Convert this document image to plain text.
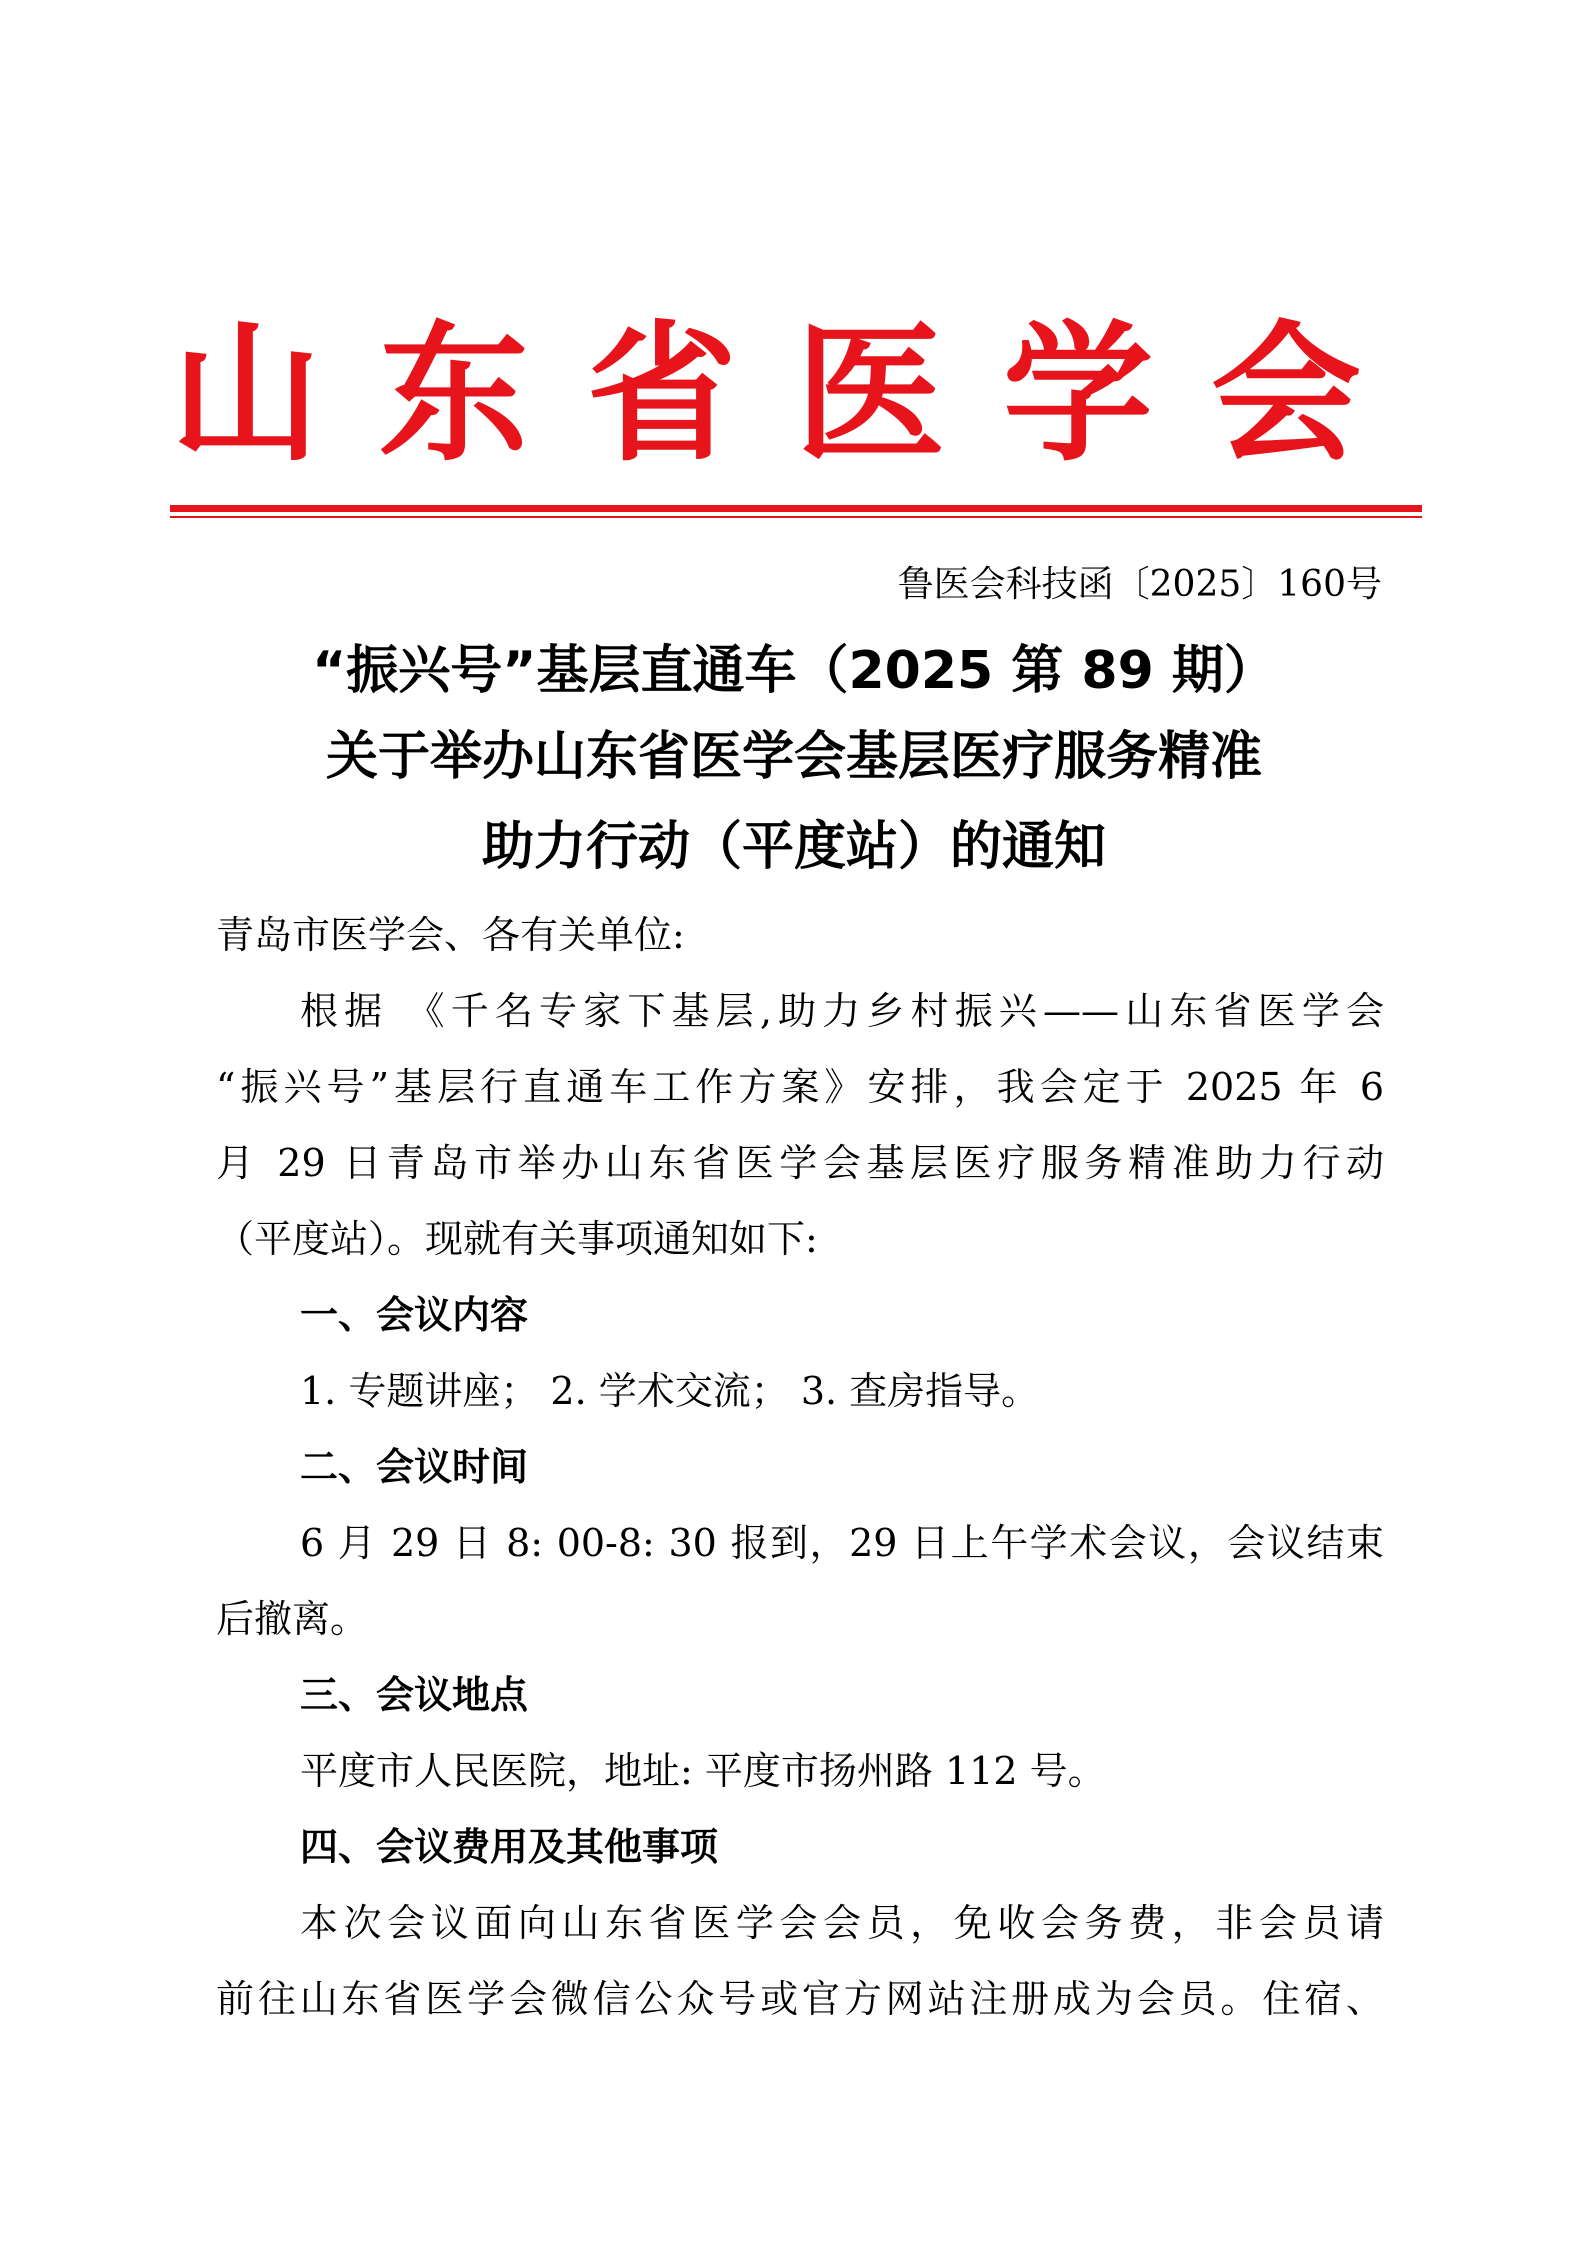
山东省医学会
鲁医会科技函〔2025〕160号
“振兴号”基层直通车（2025 第 89 期）
关于举办山东省医学会基层医疗服务精准
助力行动（平度站）的通知
青岛市医学会、各有关单位:
根据 《千名专家下基层,助力乡村振兴——山东省医学会
“振兴号”基层行直通车工作方案》安排，我会定于 2025 年 6
月 29 日青岛市举办山东省医学会基层医疗服务精准助力行动
（平度站）。现就有关事项通知如下:
一、会议内容
1. 专题讲座； 2. 学术交流； 3. 查房指导。
二、会议时间
6 月 29 日 8: 00-8: 30 报到，29 日上午学术会议，会议结束
后撤离。
三、会议地点
平度市人民医院，地址: 平度市扬州路 112 号。
四、会议费用及其他事项
本次会议面向山东省医学会会员，免收会务费，非会员请
前往山东省医学会微信公众号或官方网站注册成为会员。住宿、
